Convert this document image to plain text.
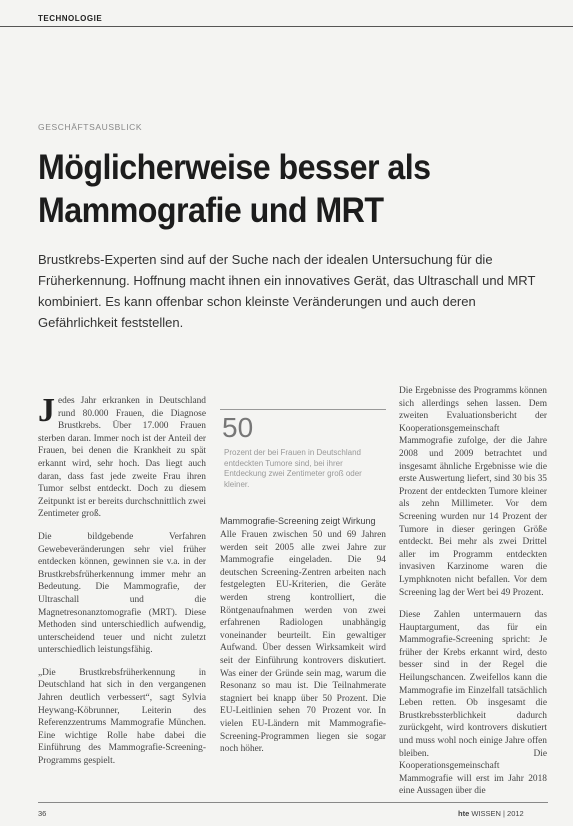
TECHNOLOGIE
GESCHÄFTSAUSBLICK
Möglicherweise besser als Mammografie und MRT
Brustkrebs-Experten sind auf der Suche nach der idealen Untersuchung für die Früherkennung. Hoffnung macht ihnen ein innovatives Gerät, das Ultraschall und MRT kombiniert. Es kann offenbar schon kleinste Veränderungen und auch deren Gefährlichkeit feststellen.

Jedes Jahr erkranken in Deutschland rund 80.000 Frauen, die Diagnose Brustkrebs. Über 17.000 Frauen sterben daran. Immer noch ist der Anteil der Frauen, bei denen die Krankheit zu spät erkannt wird, sehr hoch. Das liegt auch daran, dass fast jede zweite Frau ihren Tumor selbst entdeckt. Doch zu diesem Zeitpunkt ist er bereits durchschnittlich zwei Zentimeter groß.

Die bildgebende Verfahren Gewebeveränderungen sehr viel früher entdecken können, gewinnen sie v.a. in der Brustkrebsfrüherkennung immer mehr an Bedeutung. Die Mammografie, der Ultraschall und die Magnetresonanztomografie (MRT). Diese Methoden sind unterschiedlich aufwendig, unterscheidend teuer und nicht zuletzt unterschiedlich leistungsfähig.

„Die Brustkrebsfrüherkennung in Deutschland hat sich in den vergangenen Jahren deutlich verbessert“, sagt Sylvia Heywang-Köbrunner, Leiterin des Referenzzentrums Mammografie München. Eine wichtige Rolle habe dabei die Einführung des Mammografie-Screening-Programms gespielt.

50
Prozent der bei Frauen in Deutschland entdeckten Tumore sind, bei ihrer Entdeckung zwei Zentimeter groß oder kleiner.
Mammografie-Screening zeigt Wirkung

Alle Frauen zwischen 50 und 69 Jahren werden seit 2005 alle zwei Jahre zur Mammografie eingeladen. Die 94 deutschen Screening-Zentren arbeiten nach festgelegten EU-Kriterien, die Geräte werden streng kontrolliert, die Röntgenaufnahmen werden von zwei erfahrenen Radiologen unabhängig voneinander beurteilt. Ein gewaltiger Aufwand. Über dessen Wirksamkeit wird seit der Einführung kontrovers diskutiert. Was einer der Gründe sein mag, warum die Resonanz so mau ist. Die Teilnahmerate stagniert bei knapp über 50 Prozent. Die EU-Leitlinien sehen 70 Prozent vor. In vielen EU-Ländern mit Mammografie-Screening-Programmen liegen sie sogar noch höher.

Die Ergebnisse des Programms können sich allerdings sehen lassen. Dem zweiten Evaluationsbericht der Kooperationsgemeinschaft Mammografie zufolge, der die Jahre 2008 und 2009 betrachtet und insgesamt ähnliche Ergebnisse wie die erste Auswertung liefert, sind 30 bis 35 Prozent der entdeckten Tumore kleiner als zehn Millimeter. Vor dem Screening wurden nur 14 Prozent der Tumore in dieser geringen Größe entdeckt. Bei mehr als zwei Drittel aller im Programm entdeckten invasiven Karzinome waren die Lymphknoten nicht befallen. Vor dem Screening lag der Wert bei 49 Prozent.

Diese Zahlen untermauern das Hauptargument, das für ein Mammografie-Screening spricht: Je früher der Krebs erkannt wird, desto besser sind in der Regel die Heilungschancen. Zweifellos kann die Mammografie im Einzelfall tatsächlich Leben retten. Ob insgesamt die Brustkrebssterblichkeit dadurch zurückgeht, wird kontrovers diskutiert und muss wohl noch einige Jahre offen bleiben. Die Kooperationsgemeinschaft Mammografie will erst im Jahr 2018 eine Aussagen über die

36	hte WISSEN | 2012
